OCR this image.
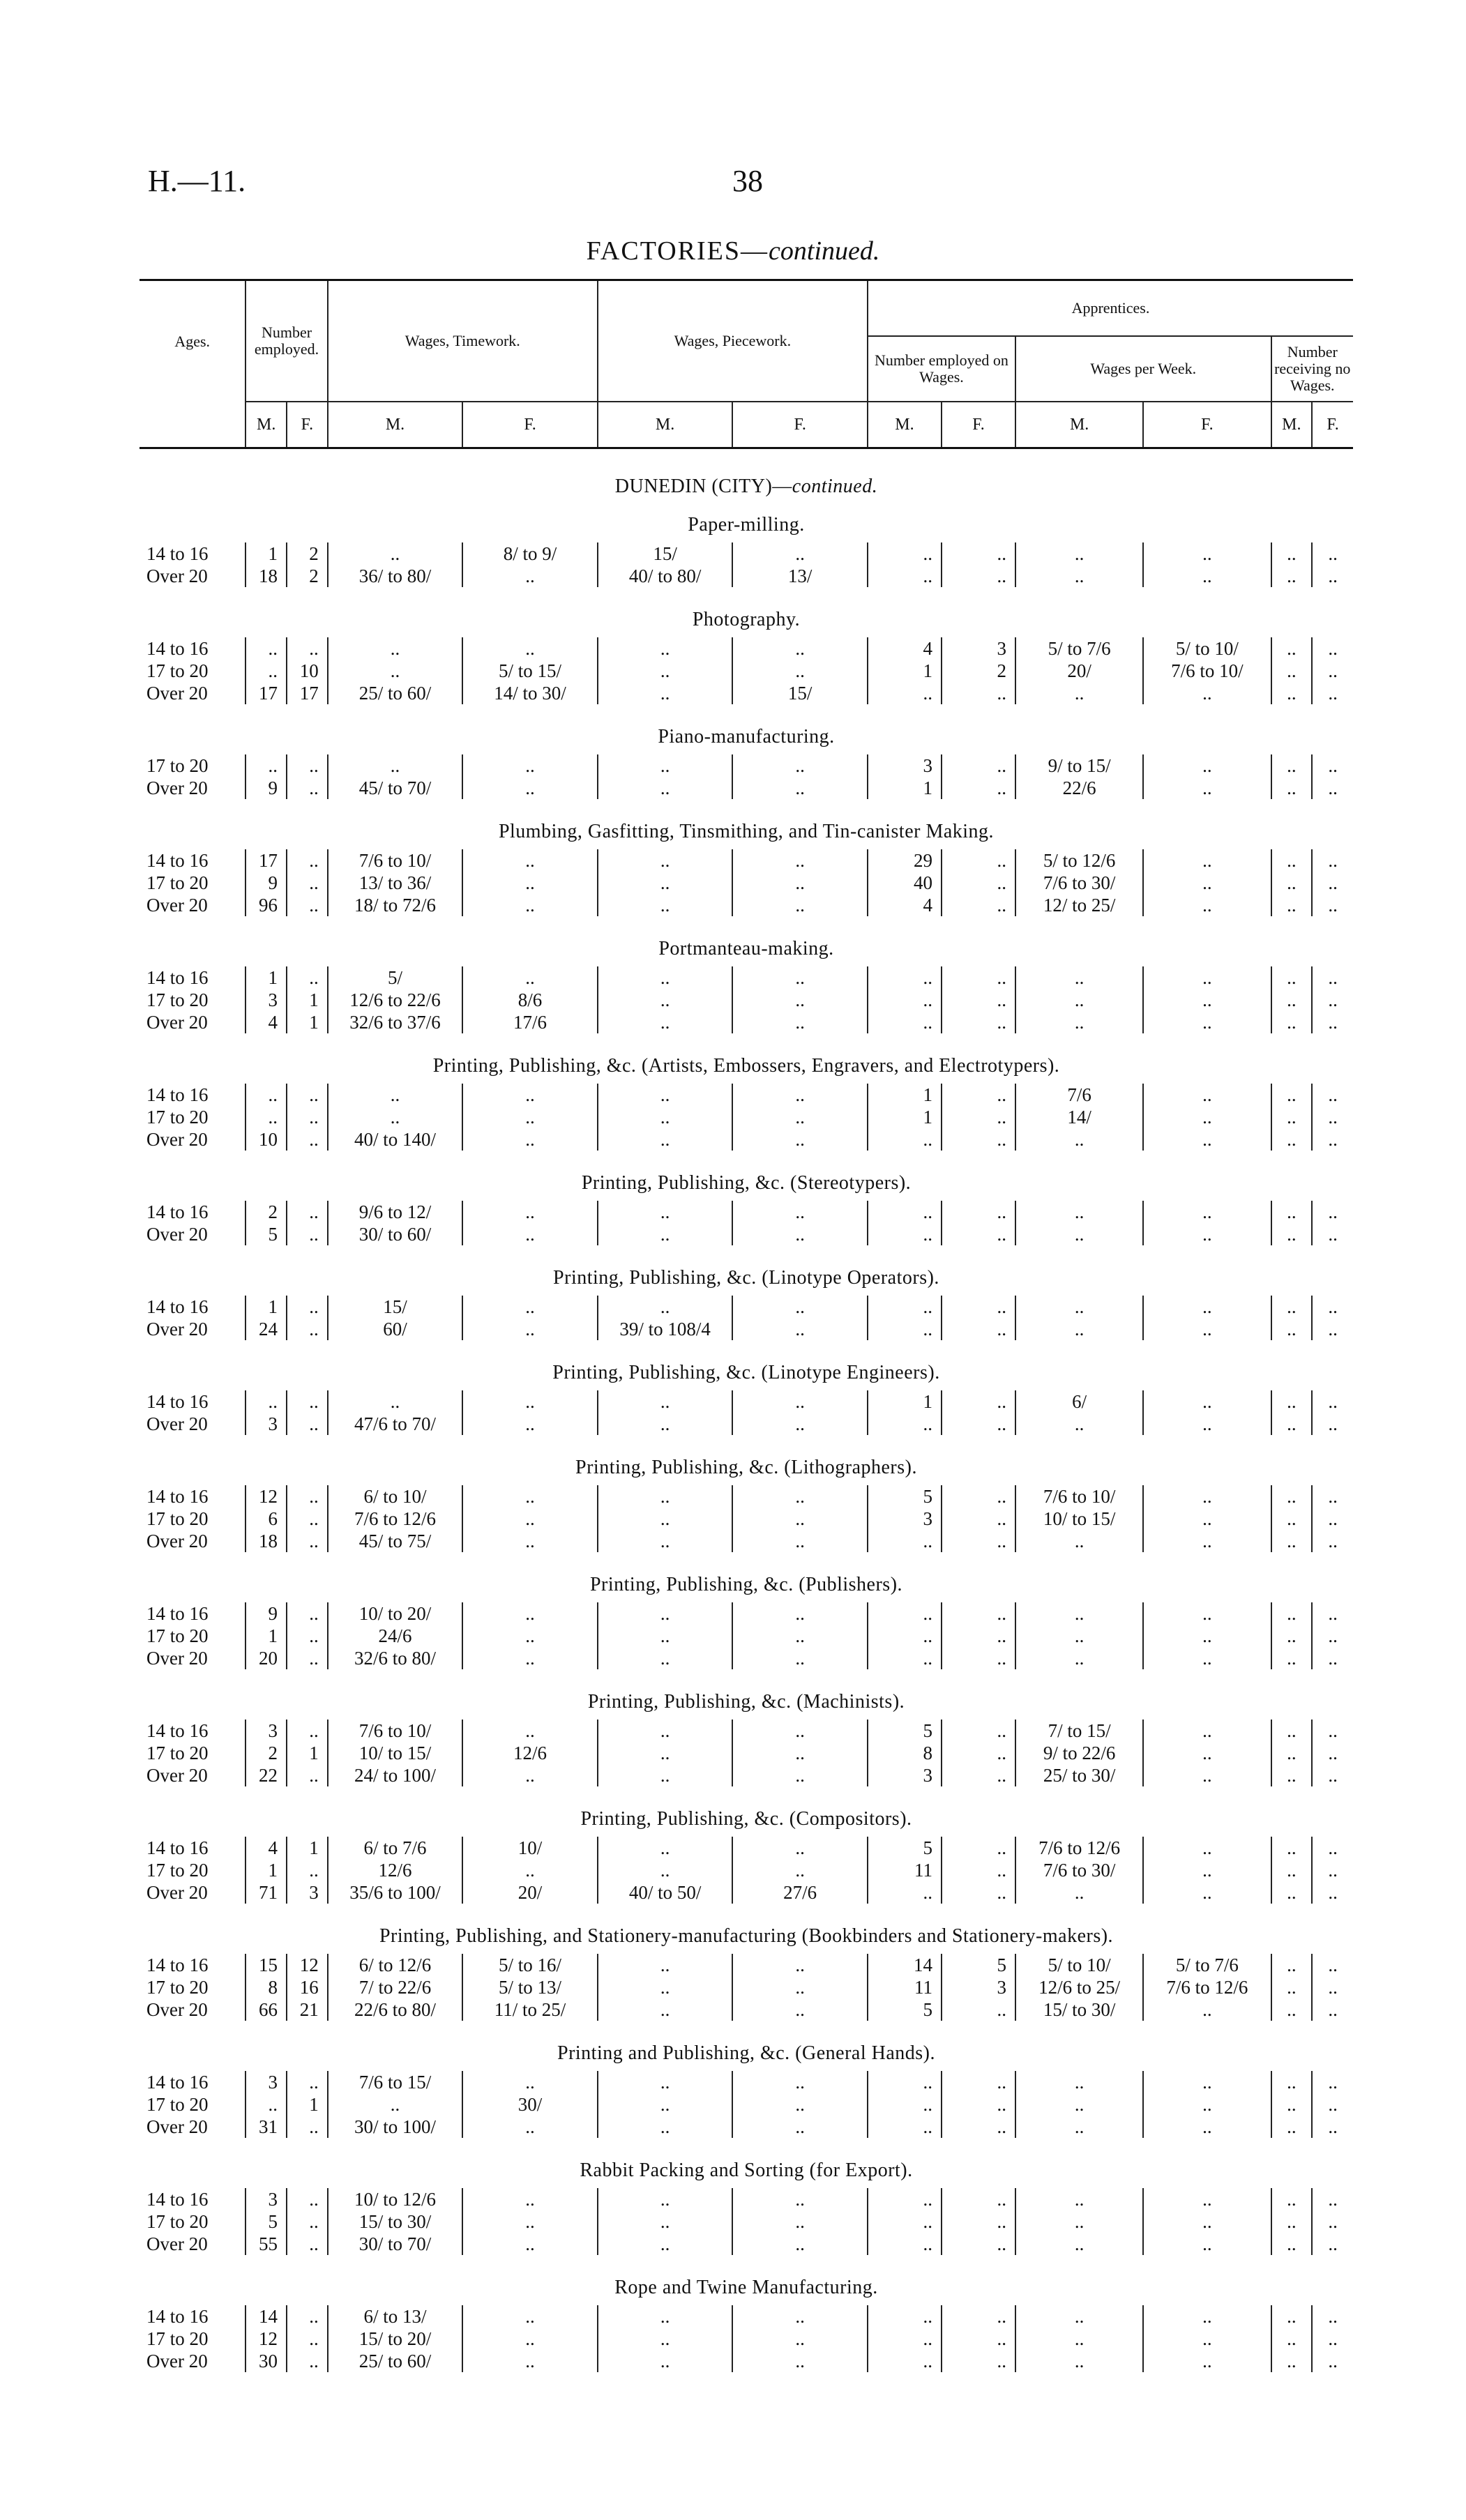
H.—11.	38
FACTORIES—continued.
Ages.	Number employed.		Wages, Timework.		Wages, Piecework.		Apprentices.					
							Number employed on Wages.		Wages per Week.		Number receiving no Wages.	
	M.	F.	M.	F.	M.	F.	M.	F.	M.	F.	M.	F.
DUNEDIN (CITY)—continued.												
Paper-milling.												
14 to 16	1	2	..	8/ to 9/	15/	..	..	..	..	..	..	..
Over 20	18	2	36/ to 80/	..	40/ to 80/	13/	..	..	..	..	..	..

Photography.												
14 to 16	..	..	..	..	..	..	4	3	5/ to 7/6	5/ to 10/	..	..
17 to 20	..	10	..	5/ to 15/	..	..	1	2	20/	7/6 to 10/	..	..
Over 20	17	17	25/ to 60/	14/ to 30/	..	15/	..	..	..	..	..	..

Piano-manufacturing.												
17 to 20	..	..	..	..	..	..	3	..	9/ to 15/	..	..	..
Over 20	9	..	45/ to 70/	..	..	..	1	..	22/6	..	..	..

Plumbing, Gasfitting, Tinsmithing, and Tin-canister Making.												
14 to 16	17	..	7/6 to 10/	..	..	..	29	..	5/ to 12/6	..	..	..
17 to 20	9	..	13/ to 36/	..	..	..	40	..	7/6 to 30/	..	..	..
Over 20	96	..	18/ to 72/6	..	..	..	4	..	12/ to 25/	..	..	..

Portmanteau-making.												
14 to 16	1	..	5/	..	..	..	..	..	..	..	..	..
17 to 20	3	1	12/6 to 22/6	8/6	..	..	..	..	..	..	..	..
Over 20	4	1	32/6 to 37/6	17/6	..	..	..	..	..	..	..	..

Printing, Publishing, &c. (Artists, Embossers, Engravers, and Electrotypers).												
14 to 16	..	..	..	..	..	..	1	..	7/6	..	..	..
17 to 20	..	..	..	..	..	..	1	..	14/	..	..	..
Over 20	10	..	40/ to 140/	..	..	..	..	..	..	..	..	..

Printing, Publishing, &c. (Stereotypers).												
14 to 16	2	..	9/6 to 12/	..	..	..	..	..	..	..	..	..
Over 20	5	..	30/ to 60/	..	..	..	..	..	..	..	..	..

Printing, Publishing, &c. (Linotype Operators).												
14 to 16	1	..	15/	..	..	..	..	..	..	..	..	..
Over 20	24	..	60/	..	39/ to 108/4	..	..	..	..	..	..	..

Printing, Publishing, &c. (Linotype Engineers).												
14 to 16	..	..	..	..	..	..	1	..	6/	..	..	..
Over 20	3	..	47/6 to 70/	..	..	..	..	..	..	..	..	..

Printing, Publishing, &c. (Lithographers).												
14 to 16	12	..	6/ to 10/	..	..	..	5	..	7/6 to 10/	..	..	..
17 to 20	6	..	7/6 to 12/6	..	..	..	3	..	10/ to 15/	..	..	..
Over 20	18	..	45/ to 75/	..	..	..	..	..	..	..	..	..

Printing, Publishing, &c. (Publishers).												
14 to 16	9	..	10/ to 20/	..	..	..	..	..	..	..	..	..
17 to 20	1	..	24/6	..	..	..	..	..	..	..	..	..
Over 20	20	..	32/6 to 80/	..	..	..	..	..	..	..	..	..

Printing, Publishing, &c. (Machinists).												
14 to 16	3	..	7/6 to 10/	..	..	..	5	..	7/ to 15/	..	..	..
17 to 20	2	1	10/ to 15/	12/6	..	..	8	..	9/ to 22/6	..	..	..
Over 20	22	..	24/ to 100/	..	..	..	3	..	25/ to 30/	..	..	..

Printing, Publishing, &c. (Compositors).												
14 to 16	4	1	6/ to 7/6	10/	..	..	5	..	7/6 to 12/6	..	..	..
17 to 20	1	..	12/6	..	..	..	11	..	7/6 to 30/	..	..	..
Over 20	71	3	35/6 to 100/	20/	40/ to 50/	27/6	..	..	..	..	..	..

Printing, Publishing, and Stationery-manufacturing (Bookbinders and Stationery-makers).												
14 to 16	15	12	6/ to 12/6	5/ to 16/	..	..	14	5	5/ to 10/	5/ to 7/6	..	..
17 to 20	8	16	7/ to 22/6	5/ to 13/	..	..	11	3	12/6 to 25/	7/6 to 12/6	..	..
Over 20	66	21	22/6 to 80/	11/ to 25/	..	..	5	..	15/ to 30/	..	..	..

Printing and Publishing, &c. (General Hands).												
14 to 16	3	..	7/6 to 15/	..	..	..	..	..	..	..	..	..
17 to 20	..	1	..	30/	..	..	..	..	..	..	..	..
Over 20	31	..	30/ to 100/	..	..	..	..	..	..	..	..	..

Rabbit Packing and Sorting (for Export).												
14 to 16	3	..	10/ to 12/6	..	..	..	..	..	..	..	..	..
17 to 20	5	..	15/ to 30/	..	..	..	..	..	..	..	..	..
Over 20	55	..	30/ to 70/	..	..	..	..	..	..	..	..	..

Rope and Twine Manufacturing.												
14 to 16	14	..	6/ to 13/	..	..	..	..	..	..	..	..	..
17 to 20	12	..	15/ to 20/	..	..	..	..	..	..	..	..	..
Over 20	30	..	25/ to 60/	..	..	..	..	..	..	..	..	..
